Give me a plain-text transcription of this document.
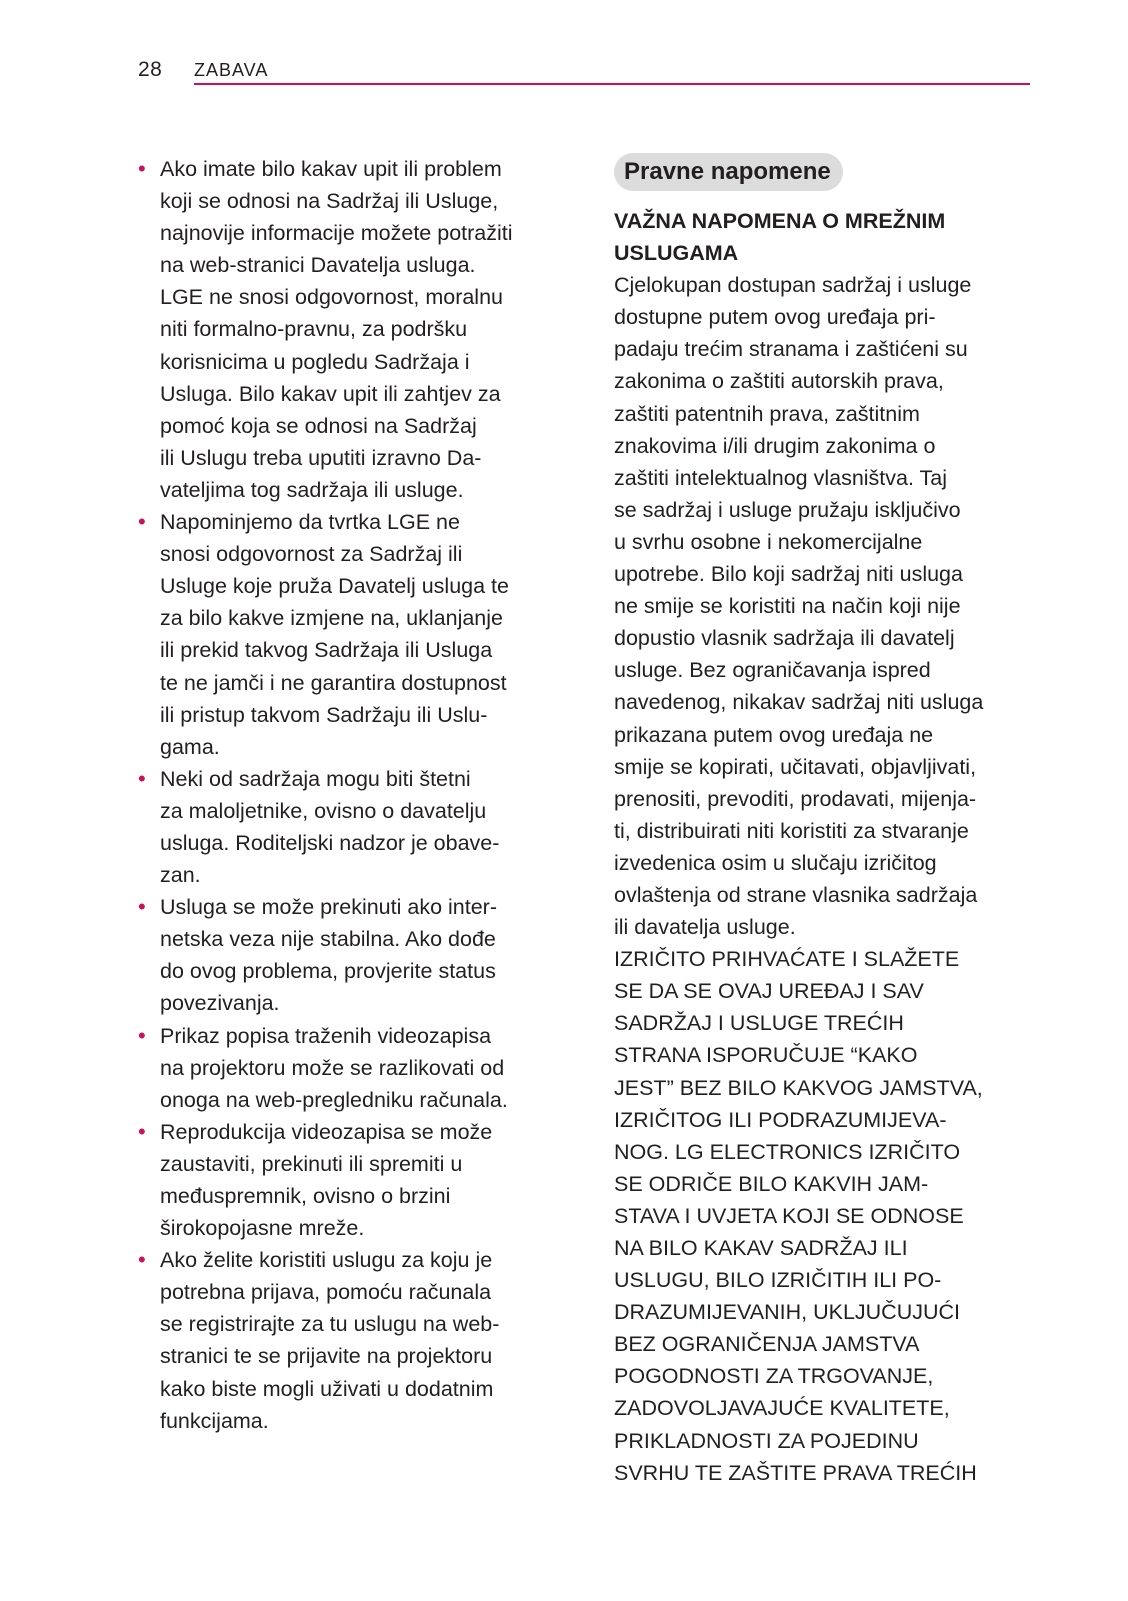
28 ZABAVA
• Ako imate bilo kakav upit ili problem
koji se odnosi na Sadržaj ili Usluge,
najnovije informacije možete potražiti
na web-stranici Davatelja usluga.
LGE ne snosi odgovornost, moralnu
niti formalno-pravnu, za podršku
korisnicima u pogledu Sadržaja i
Usluga. Bilo kakav upit ili zahtjev za
pomoć koja se odnosi na Sadržaj
ili Uslugu treba uputiti izravno Da-
vateljima tog sadržaja ili usluge.
• Napominjemo da tvrtka LGE ne
snosi odgovornost za Sadržaj ili
Usluge koje pruža Davatelj usluga te
za bilo kakve izmjene na, uklanjanje
ili prekid takvog Sadržaja ili Usluga
te ne jamči i ne garantira dostupnost
ili pristup takvom Sadržaju ili Uslu-
gama.
• Neki od sadržaja mogu biti štetni
za maloljetnike, ovisno o davatelju
usluga. Roditeljski nadzor je obave-
zan.
• Usluga se može prekinuti ako inter-
netska veza nije stabilna. Ako dođe
do ovog problema, provjerite status
povezivanja.
• Prikaz popisa traženih videozapisa
na projektoru može se razlikovati od
onoga na web-pregledniku računala.
• Reprodukcija videozapisa se može
zaustaviti, prekinuti ili spremiti u
međuspremnik, ovisno o brzini
širokopojasne mreže.
• Ako želite koristiti uslugu za koju je
potrebna prijava, pomoću računala
se registrirajte za tu uslugu na web-
stranici te se prijavite na projektoru
kako biste mogli uživati u dodatnim
funkcijama.
Pravne napomene
VAŽNA NAPOMENA O MREŽNIM
USLUGAMA
Cjelokupan dostupan sadržaj i usluge
dostupne putem ovog uređaja pri-
padaju trećim stranama i zaštićeni su
zakonima o zaštiti autorskih prava,
zaštiti patentnih prava, zaštitnim
znakovima i/ili drugim zakonima o
zaštiti intelektualnog vlasništva. Taj
se sadržaj i usluge pružaju isključivo
u svrhu osobne i nekomercijalne
upotrebe. Bilo koji sadržaj niti usluga
ne smije se koristiti na način koji nije
dopustio vlasnik sadržaja ili davatelj
usluge. Bez ograničavanja ispred
navedenog, nikakav sadržaj niti usluga
prikazana putem ovog uređaja ne
smije se kopirati, učitavati, objavljivati,
prenositi, prevoditi, prodavati, mijenja-
ti, distribuirati niti koristiti za stvaranje
izvedenica osim u slučaju izričitog
ovlaštenja od strane vlasnika sadržaja
ili davatelja usluge.
IZRIČITO PRIHVAĆATE I SLAŽETE
SE DA SE OVAJ UREĐAJ I SAV
SADRŽAJ I USLUGE TREĆIH
STRANA ISPORUČUJE “KAKO
JEST” BEZ BILO KAKVOG JAMSTVA,
IZRIČITOG ILI PODRAZUMIJEVA-
NOG. LG ELECTRONICS IZRIČITO
SE ODRIČE BILO KAKVIH JAM-
STAVA I UVJETA KOJI SE ODNOSE
NA BILO KAKAV SADRŽAJ ILI
USLUGU, BILO IZRIČITIH ILI PO-
DRAZUMIJEVANIH, UKLJUČUJUĆI
BEZ OGRANIČENJA JAMSTVA
POGODNOSTI ZA TRGOVANJE,
ZADOVOLJAVAJUĆE KVALITETE,
PRIKLADNOSTI ZA POJEDINU
SVRHU TE ZAŠTITE PRAVA TREĆIH
